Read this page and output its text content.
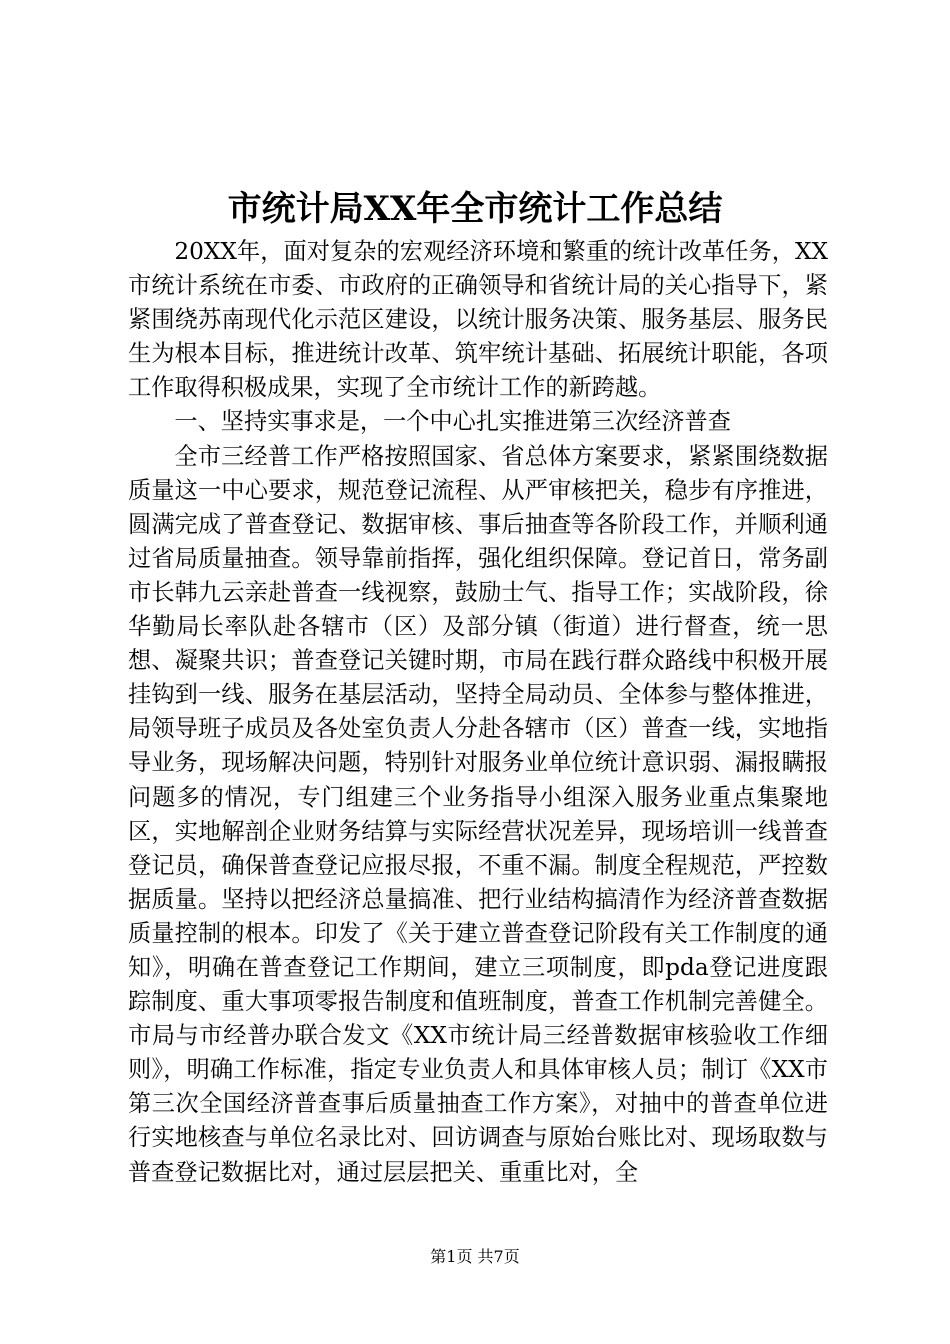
市统计局XX年全市统计工作总结

20XX年，面对复杂的宏观经济环境和繁重的统计改革任务，XX市统计系统在市委、市政府的正确领导和省统计局的关心指导下，紧紧围绕苏南现代化示范区建设，以统计服务决策、服务基层、服务民生为根本目标，推进统计改革、筑牢统计基础、拓展统计职能，各项工作取得积极成果，实现了全市统计工作的新跨越。

一、坚持实事求是，一个中心扎实推进第三次经济普查

全市三经普工作严格按照国家、省总体方案要求，紧紧围绕数据质量这一中心要求，规范登记流程、从严审核把关，稳步有序推进，圆满完成了普查登记、数据审核、事后抽查等各阶段工作，并顺利通过省局质量抽查。领导靠前指挥，强化组织保障。登记首日，常务副市长韩九云亲赴普查一线视察，鼓励士气、指导工作；实战阶段，徐华勤局长率队赴各辖市（区）及部分镇（街道）进行督查，统一思想、凝聚共识；普查登记关键时期，市局在践行群众路线中积极开展挂钩到一线、服务在基层活动，坚持全局动员、全体参与整体推进，局领导班子成员及各处室负责人分赴各辖市（区）普查一线，实地指导业务，现场解决问题，特别针对服务业单位统计意识弱、漏报瞒报问题多的情况，专门组建三个业务指导小组深入服务业重点集聚地区，实地解剖企业财务结算与实际经营状况差异，现场培训一线普查登记员，确保普查登记应报尽报，不重不漏。制度全程规范，严控数据质量。坚持以把经济总量搞准、把行业结构搞清作为经济普查数据质量控制的根本。印发了《关于建立普查登记阶段有关工作制度的通知》，明确在普查登记工作期间，建立三项制度，即pda登记进度跟踪制度、重大事项零报告制度和值班制度，普查工作机制完善健全。市局与市经普办联合发文《XX市统计局三经普数据审核验收工作细则》，明确工作标准，指定专业负责人和具体审核人员；制订《XX市第三次全国经济普查事后质量抽查工作方案》，对抽中的普查单位进行实地核查与单位名录比对、回访调查与原始台账比对、现场取数与普查登记数据比对，通过层层把关、重重比对，全

第1页 共7页
